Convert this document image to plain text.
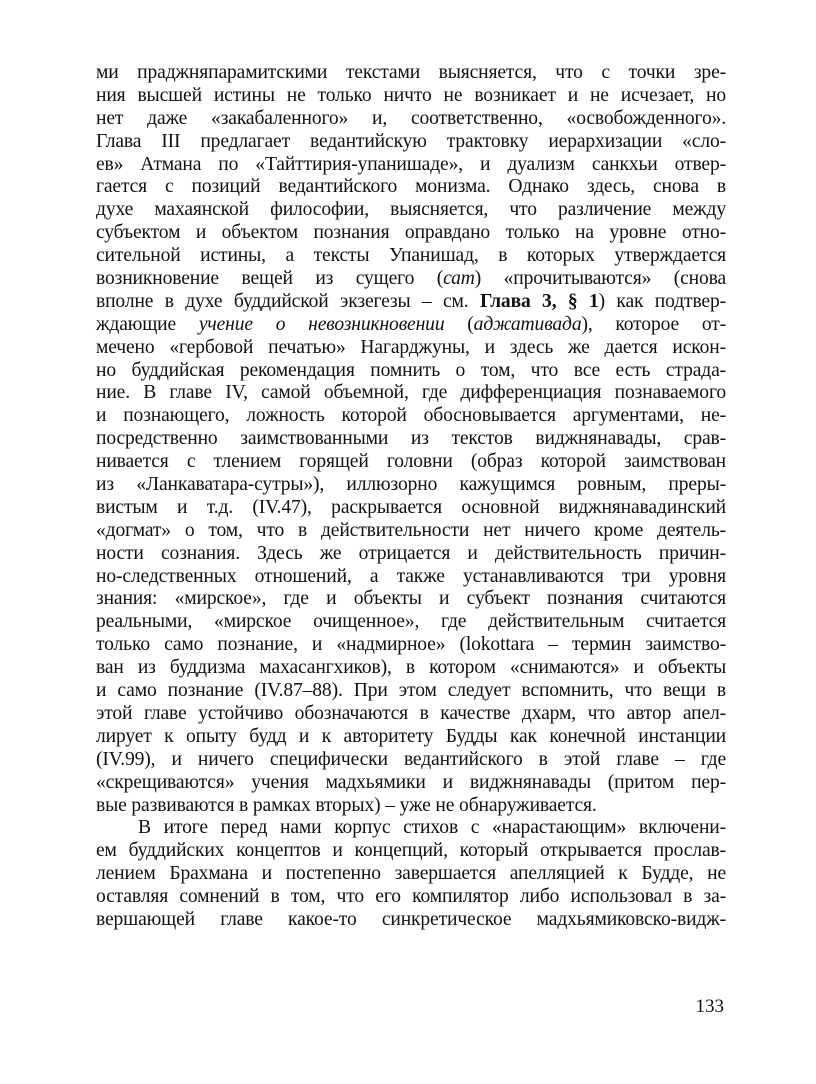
ми праджняпарамитскими текстами выясняется, что с точки зре-
ния высшей истины не только ничто не возникает и не исчезает, но
нет даже «закабаленного» и, соответственно, «освобожденного».
Глава III предлагает ведантийскую трактовку иерархизации «сло-
ев» Атмана по «Тайттирия-упанишаде», и дуализм санкхьи отвер-
гается с позиций ведантийского монизма. Однако здесь, снова в
духе махаянской философии, выясняется, что различение между
субъектом и объектом познания оправдано только на уровне отно-
сительной истины, а тексты Упанишад, в которых утверждается
возникновение вещей из сущего (сат) «прочитываются» (снова
вполне в духе буддийской экзегезы – см. Глава 3, § 1) как подтвер-
ждающие учение о невозникновении (аджативада), которое от-
мечено «гербовой печатью» Нагарджуны, и здесь же дается искон-
но буддийская рекомендация помнить о том, что все есть страда-
ние. В главе IV, самой объемной, где дифференциация познаваемого
и познающего, ложность которой обосновывается аргументами, не-
посредственно заимствованными из текстов виджнянавады, срав-
нивается с тлением горящей головни (образ которой заимствован
из «Ланкаватара-сутры»), иллюзорно кажущимся ровным, преры-
вистым и т.д. (IV.47), раскрывается основной виджнянавадинский
«догмат» о том, что в действительности нет ничего кроме деятель-
ности сознания. Здесь же отрицается и действительность причин-
но-следственных отношений, а также устанавливаются три уровня
знания: «мирское», где и объекты и субъект познания считаются
реальными, «мирское очищенное», где действительным считается
только само познание, и «надмирное» (lokottara – термин заимство-
ван из буддизма махасангхиков), в котором «снимаются» и объекты
и само познание (IV.87–88). При этом следует вспомнить, что вещи в
этой главе устойчиво обозначаются в качестве дхарм, что автор апел-
лирует к опыту будд и к авторитету Будды как конечной инстанции
(IV.99), и ничего специфически ведантийского в этой главе – где
«скрещиваются» учения мадхьямики и виджнянавады (притом пер-
вые развиваются в рамках вторых) – уже не обнаруживается.
В итоге перед нами корпус стихов с «нарастающим» включени-
ем буддийских концептов и концепций, который открывается прослав-
лением Брахмана и постепенно завершается апелляцией к Будде, не
оставляя сомнений в том, что его компилятор либо использовал в за-
вершающей главе какое-то синкретическое мадхьямиковско-видж-
133
